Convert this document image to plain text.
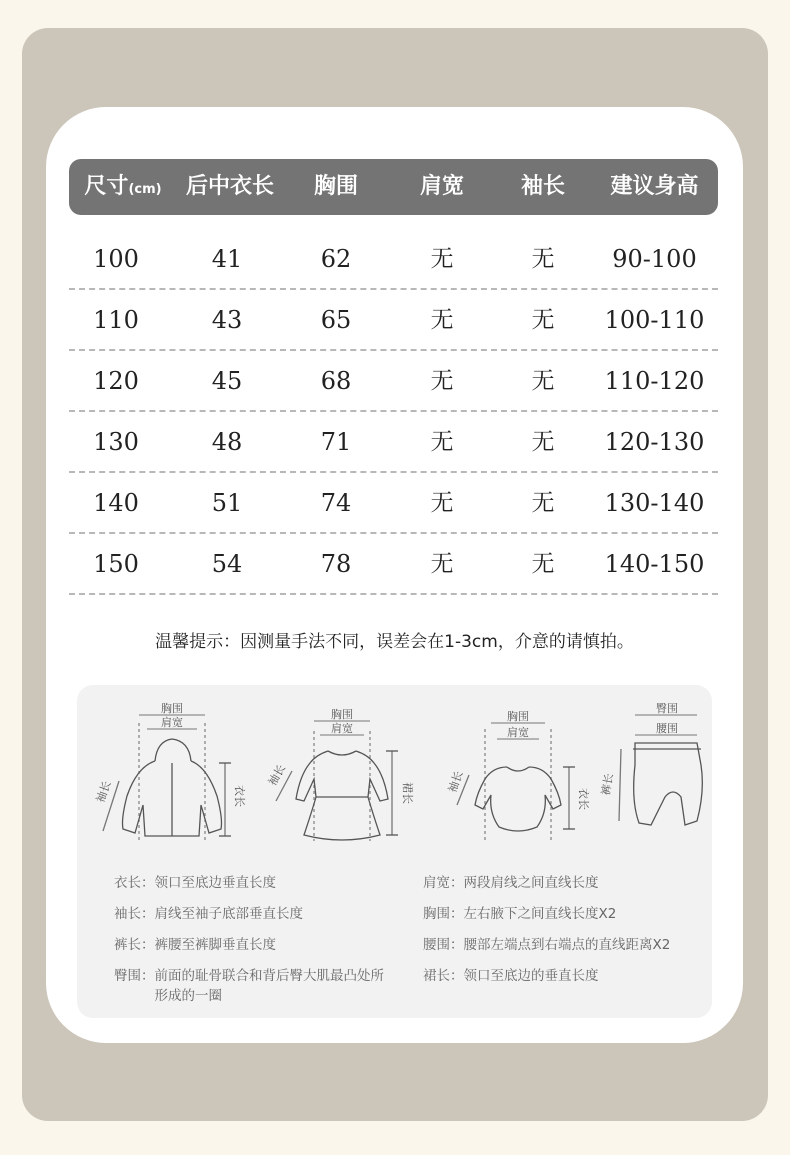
尺寸(cm)	后中衣长	胸围	肩宽	袖长	建议身高
100	41	62	无	无	90-100
110	43	65	无	无	100-110
120	45	68	无	无	110-120
130	48	71	无	无	120-130
140	51	74	无	无	130-140
150	54	78	无	无	140-150
温馨提示：因测量手法不同，误差会在1-3cm，介意的请慎拍。
胸围
肩宽
袖长	衣长
胸围
肩宽
袖长
裙长
胸围
肩宽
袖长
衣长
臀围
腰围
裤长
衣长：领口至底边垂直长度
袖长：肩线至袖子底部垂直长度
裤长：裤腰至裤脚垂直长度
臀围：前面的耻骨联合和背后臀大肌最凸处所形成的一圈
肩宽：两段肩线之间直线长度
胸围：左右腋下之间直线长度X2
腰围：腰部左端点到右端点的直线距离X2
裙长：领口至底边的垂直长度
